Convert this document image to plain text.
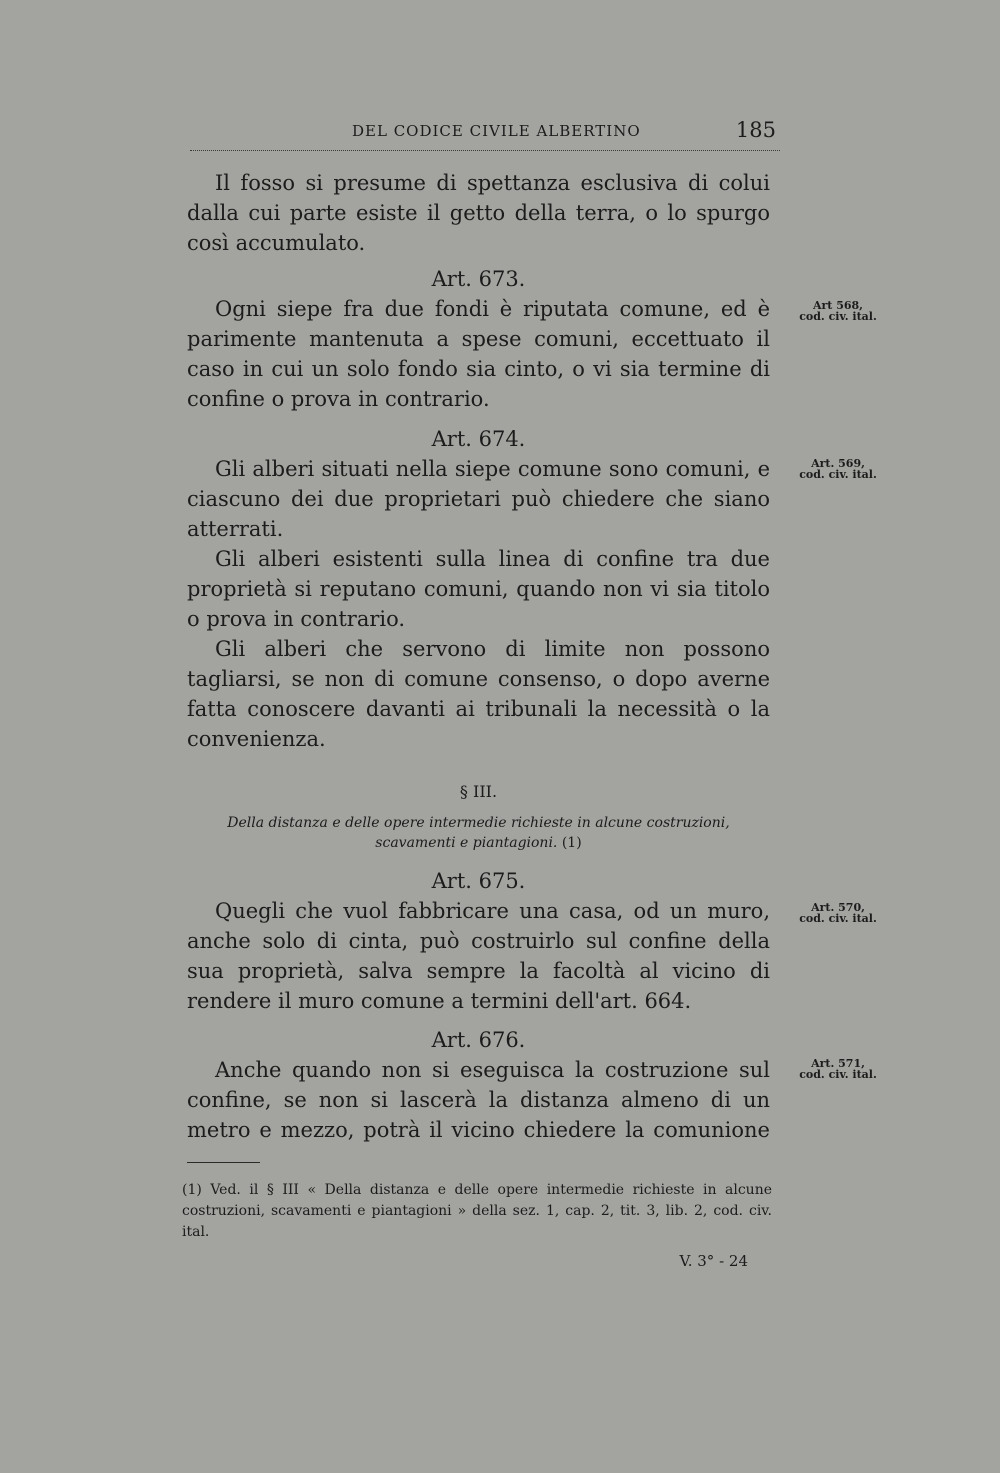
DEL CODICE CIVILE ALBERTINO	185

Il fosso si presume di spettanza esclusiva di colui dalla cui parte esiste il getto della terra, o lo spurgo così accumulato.

Art. 673.

Ogni siepe fra due fondi è riputata comune, ed è parimente mantenuta a spese comuni, eccettuato il caso in cui un solo fondo sia cinto, o vi sia termine di confine o prova in contrario.

Art 568,
cod. civ. ital.

Art. 674.

Gli alberi situati nella siepe comune sono comuni, e ciascuno dei due proprietari può chiedere che siano atterrati.

Gli alberi esistenti sulla linea di confine tra due proprietà si reputano comuni, quando non vi sia titolo o prova in contrario.

Gli alberi che servono di limite non possono tagliarsi, se non di comune consenso, o dopo averne fatta conoscere davanti ai tribunali la necessità o la convenienza.

Art. 569,
cod. civ. ital.
§ III.
Della distanza e delle opere intermedie richieste in alcune costruzioni,
scavamenti e piantagioni. (1)

Art. 675.

Quegli che vuol fabbricare una casa, od un muro, anche solo di cinta, può costruirlo sul confine della sua proprietà, salva sempre la facoltà al vicino di rendere il muro comune a termini dell'art. 664.

Art. 570,
cod. civ. ital.

Art. 676.

Anche quando non si eseguisca la costruzione sul confine, se non si lascerà la distanza almeno di un metro e mezzo, potrà il vicino chiedere la comunione

Art. 571,
cod. civ. ital.
(1) Ved. il § III « Della distanza e delle opere intermedie richieste in alcune costruzioni, scavamenti e piantagioni » della sez. 1, cap. 2, tit. 3, lib. 2, cod. civ. ital.
V. 3° - 24
